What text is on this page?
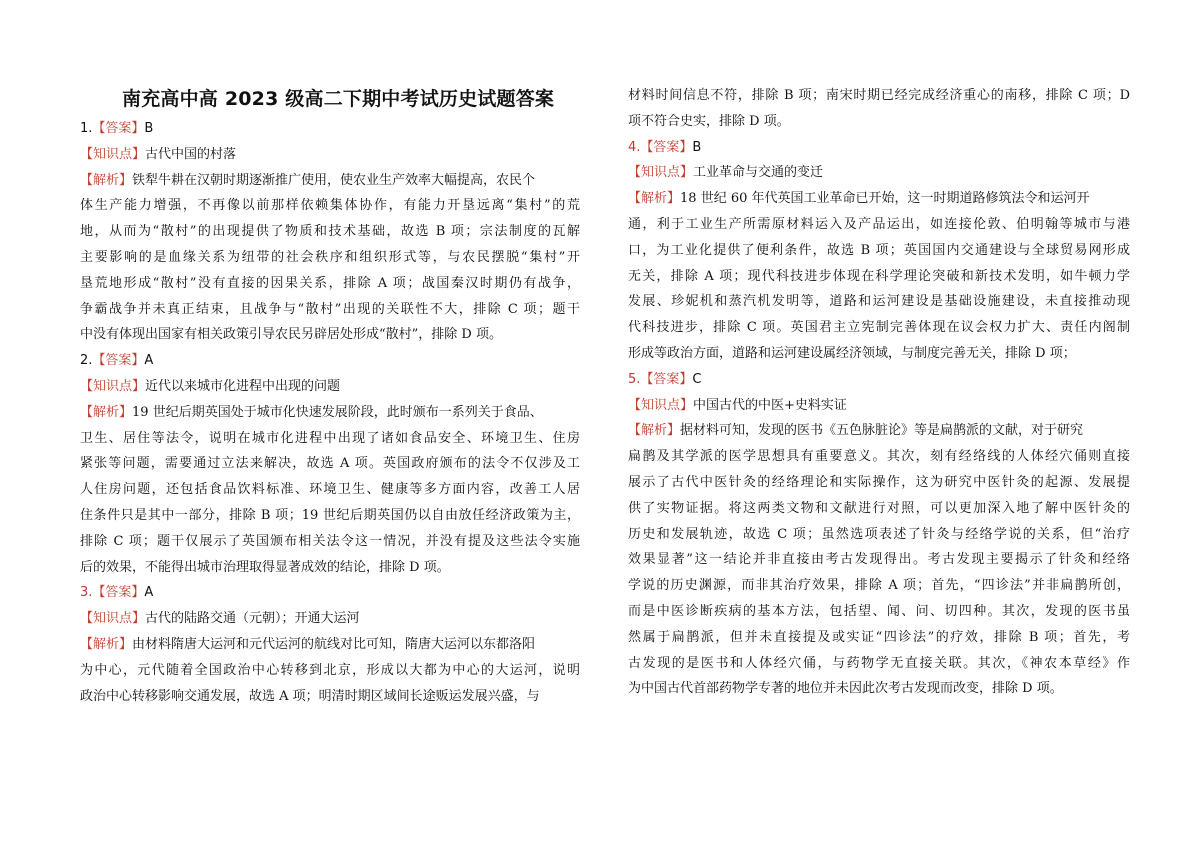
南充高中高 2023 级高二下期中考试历史试题答案
1.【答案】B
【知识点】古代中国的村落
【解析】铁犁牛耕在汉朝时期逐渐推广使用，使农业生产效率大幅提高，农民个
体生产能力增强，不再像以前那样依赖集体协作，有能力开垦远离“集村”的荒
地，从而为“散村”的出现提供了物质和技术基础，故选 B 项；宗法制度的瓦解
主要影响的是血缘关系为纽带的社会秩序和组织形式等，与农民摆脱“集村”开
垦荒地形成“散村”没有直接的因果关系，排除 A 项；战国秦汉时期仍有战争，
争霸战争并未真正结束，且战争与“散村”出现的关联性不大，排除 C 项；题干
中没有体现出国家有相关政策引导农民另辟居处形成“散村”，排除 D 项。
2.【答案】A
【知识点】近代以来城市化进程中出现的问题
【解析】19 世纪后期英国处于城市化快速发展阶段，此时颁布一系列关于食品、
卫生、居住等法令，说明在城市化进程中出现了诸如食品安全、环境卫生、住房
紧张等问题，需要通过立法来解决，故选 A 项。英国政府颁布的法令不仅涉及工
人住房问题，还包括食品饮料标准、环境卫生、健康等多方面内容，改善工人居
住条件只是其中一部分，排除 B 项；19 世纪后期英国仍以自由放任经济政策为主，
排除 C 项；题干仅展示了英国颁布相关法令这一情况，并没有提及这些法令实施
后的效果，不能得出城市治理取得显著成效的结论，排除 D 项。
3.【答案】A
【知识点】古代的陆路交通（元朝）；开通大运河
【解析】由材料隋唐大运河和元代运河的航线对比可知，隋唐大运河以东都洛阳
为中心，元代随着全国政治中心转移到北京，形成以大都为中心的大运河，说明
政治中心转移影响交通发展，故选 A 项；明清时期区域间长途贩运发展兴盛，与
材料时间信息不符，排除 B 项；南宋时期已经完成经济重心的南移，排除 C 项；D
项不符合史实，排除 D 项。
4.【答案】B
【知识点】工业革命与交通的变迁
【解析】18 世纪 60 年代英国工业革命已开始，这一时期道路修筑法令和运河开
通，利于工业生产所需原材料运入及产品运出，如连接伦敦、伯明翰等城市与港
口，为工业化提供了便利条件，故选 B 项；英国国内交通建设与全球贸易网形成
无关，排除 A 项；现代科技进步体现在科学理论突破和新技术发明，如牛顿力学
发展、珍妮机和蒸汽机发明等，道路和运河建设是基础设施建设，未直接推动现
代科技进步，排除 C 项。英国君主立宪制完善体现在议会权力扩大、责任内阁制
形成等政治方面，道路和运河建设属经济领域，与制度完善无关，排除 D 项；
5.【答案】C
【知识点】中国古代的中医+史料实证
【解析】据材料可知，发现的医书《五色脉脏论》等是扁鹊派的文献，对于研究
扁鹊及其学派的医学思想具有重要意义。其次，刻有经络线的人体经穴俑则直接
展示了古代中医针灸的经络理论和实际操作，这为研究中医针灸的起源、发展提
供了实物证据。将这两类文物和文献进行对照，可以更加深入地了解中医针灸的
历史和发展轨迹，故选 C 项；虽然选项表述了针灸与经络学说的关系，但“治疗
效果显著”这一结论并非直接由考古发现得出。考古发现主要揭示了针灸和经络
学说的历史渊源，而非其治疗效果，排除 A 项；首先，“四诊法”并非扁鹊所创，
而是中医诊断疾病的基本方法，包括望、闻、问、切四种。其次，发现的医书虽
然属于扁鹊派，但并未直接提及或实证“四诊法”的疗效，排除 B 项；首先，考
古发现的是医书和人体经穴俑，与药物学无直接关联。其次，《神农本草经》作
为中国古代首部药物学专著的地位并未因此次考古发现而改变，排除 D 项。
